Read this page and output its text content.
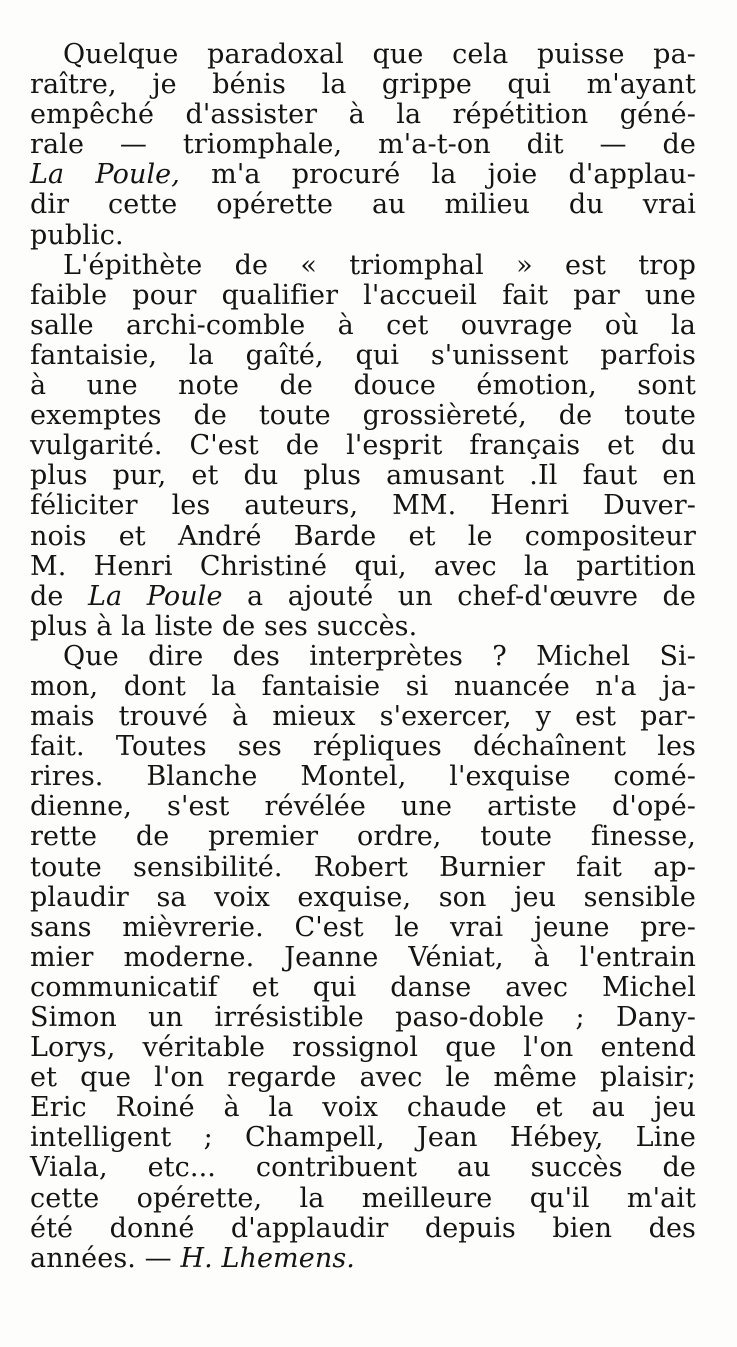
Quelque paradoxal que cela puisse pa-
raître, je bénis la grippe qui m'ayant
empêché d'assister à la répétition géné-
rale — triomphale, m'a-t-on dit — de
La Poule, m'a procuré la joie d'applau-
dir cette opérette au milieu du vrai
public.
L'épithète de « triomphal » est trop
faible pour qualifier l'accueil fait par une
salle archi-comble à cet ouvrage où la
fantaisie, la gaîté, qui s'unissent parfois
à une note de douce émotion, sont
exemptes de toute grossièreté, de toute
vulgarité. C'est de l'esprit français et du
plus pur, et du plus amusant .Il faut en
féliciter les auteurs, MM. Henri Duver-
nois et André Barde et le compositeur
M. Henri Christiné qui, avec la partition
de La Poule a ajouté un chef-d'œuvre de
plus à la liste de ses succès.
Que dire des interprètes ? Michel Si-
mon, dont la fantaisie si nuancée n'a ja-
mais trouvé à mieux s'exercer, y est par-
fait. Toutes ses répliques déchaînent les
rires. Blanche Montel, l'exquise comé-
dienne, s'est révélée une artiste d'opé-
rette de premier ordre, toute finesse,
toute sensibilité. Robert Burnier fait ap-
plaudir sa voix exquise, son jeu sensible
sans mièvrerie. C'est le vrai jeune pre-
mier moderne. Jeanne Véniat, à l'entrain
communicatif et qui danse avec Michel
Simon un irrésistible paso-doble ; Dany-
Lorys, véritable rossignol que l'on entend
et que l'on regarde avec le même plaisir;
Eric Roiné à la voix chaude et au jeu
intelligent ; Champell, Jean Hébey, Line
Viala, etc... contribuent au succès de
cette opérette, la meilleure qu'il m'ait
été donné d'applaudir depuis bien des
années. — H. Lhemens.
